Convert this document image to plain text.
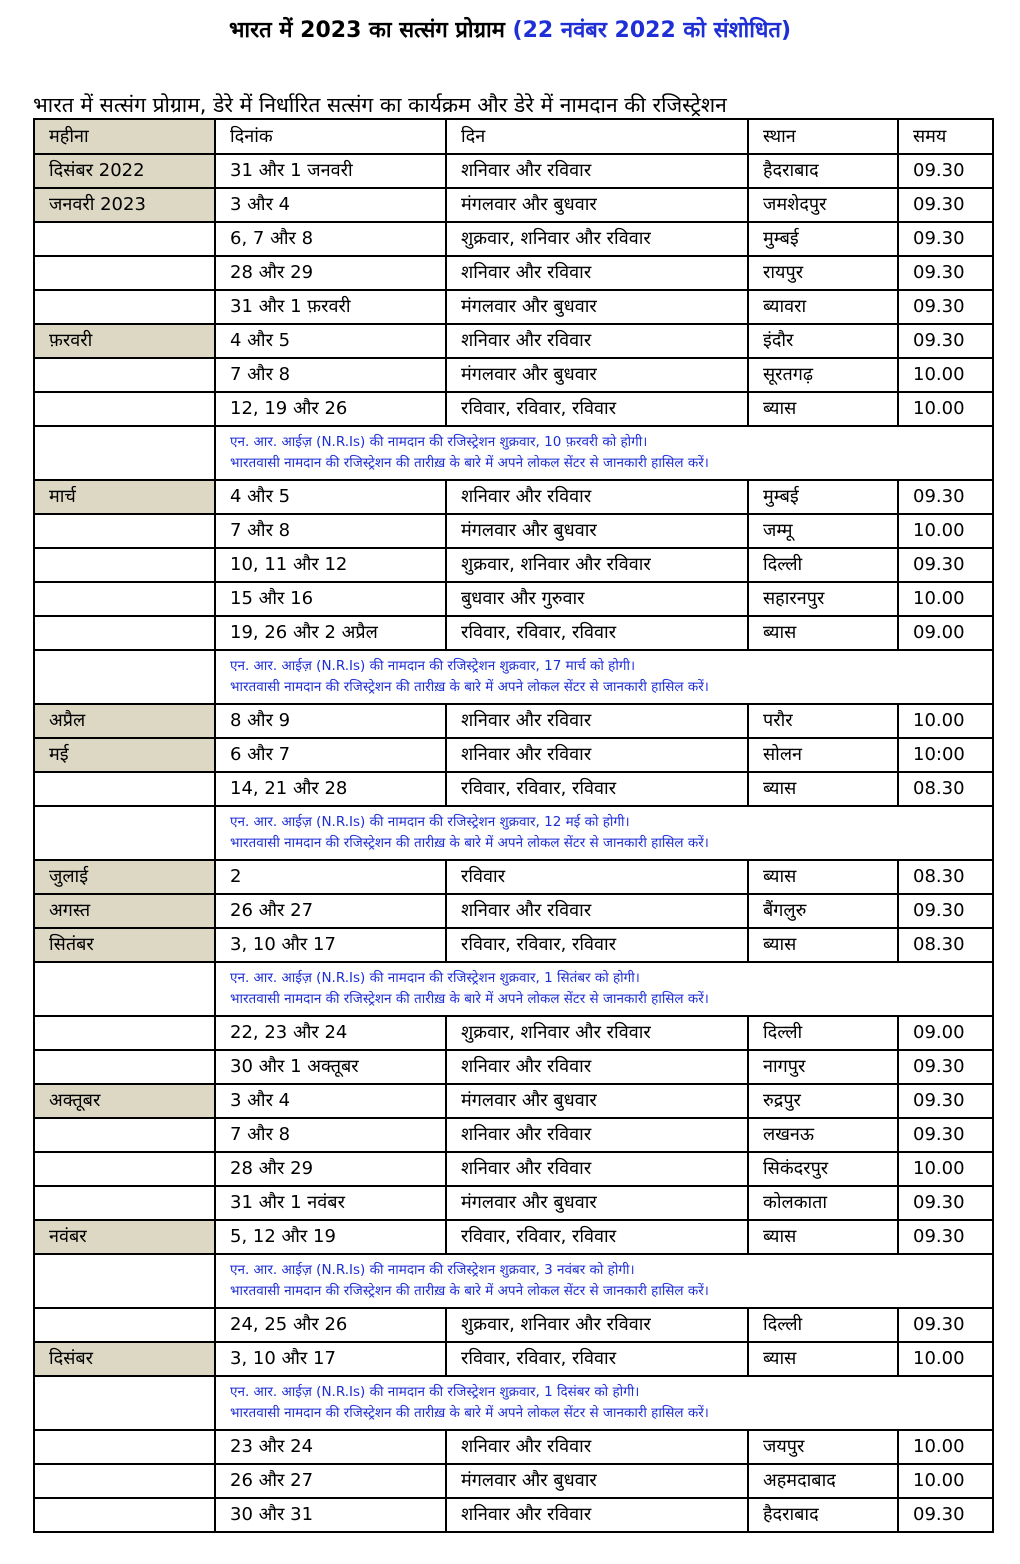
भारत में 2023 का सत्संग प्रोग्राम (22 नवंबर 2022 को संशोधित)
भारत में सत्संग प्रोग्राम, डेरे में निर्धारित सत्संग का कार्यक्रम और डेरे में नामदान की रजिस्ट्रेशन
महीना	दिनांक	दिन	स्थान	समय
दिसंबर 2022	31 और 1 जनवरी	शनिवार और रविवार	हैदराबाद	09.30
जनवरी 2023	3 और 4	मंगलवार और बुधवार	जमशेदपुर	09.30
	6, 7 और 8	शुक्रवार, शनिवार और रविवार	मुम्बई	09.30
	28 और 29	शनिवार और रविवार	रायपुर	09.30
	31 और 1 फ़रवरी	मंगलवार और बुधवार	ब्यावरा	09.30
फ़रवरी	4 और 5	शनिवार और रविवार	इंदौर	09.30
	7 और 8	मंगलवार और बुधवार	सूरतगढ़	10.00
	12, 19 और 26	रविवार, रविवार, रविवार	ब्यास	10.00

	एन. आर. आईज़ (N.R.Is) की नामदान की रजिस्ट्रेशन शुक्रवार, 10 फ़रवरी को होगी।
भारतवासी नामदान की रजिस्ट्रेशन की तारीख़ के बारे में अपने लोकल सेंटर से जानकारी हासिल करें।			

मार्च	4 और 5	शनिवार और रविवार	मुम्बई	09.30
	7 और 8	मंगलवार और बुधवार	जम्मू	10.00
	10, 11 और 12	शुक्रवार, शनिवार और रविवार	दिल्ली	09.30
	15 और 16	बुधवार और गुरुवार	सहारनपुर	10.00
	19, 26 और 2 अप्रैल	रविवार, रविवार, रविवार	ब्यास	09.00

	एन. आर. आईज़ (N.R.Is) की नामदान की रजिस्ट्रेशन शुक्रवार, 17 मार्च को होगी।
भारतवासी नामदान की रजिस्ट्रेशन की तारीख़ के बारे में अपने लोकल सेंटर से जानकारी हासिल करें।			

अप्रैल	8 और 9	शनिवार और रविवार	परौर	10.00
मई	6 और 7	शनिवार और रविवार	सोलन	10:00
	14, 21 और 28	रविवार, रविवार, रविवार	ब्यास	08.30

	एन. आर. आईज़ (N.R.Is) की नामदान की रजिस्ट्रेशन शुक्रवार, 12 मई को होगी।
भारतवासी नामदान की रजिस्ट्रेशन की तारीख़ के बारे में अपने लोकल सेंटर से जानकारी हासिल करें।			

जुलाई	2	रविवार	ब्यास	08.30
अगस्त	26 और 27	शनिवार और रविवार	बैंगलुरु	09.30
सितंबर	3, 10 और 17	रविवार, रविवार, रविवार	ब्यास	08.30

	एन. आर. आईज़ (N.R.Is) की नामदान की रजिस्ट्रेशन शुक्रवार, 1 सितंबर को होगी।
भारतवासी नामदान की रजिस्ट्रेशन की तारीख़ के बारे में अपने लोकल सेंटर से जानकारी हासिल करें।			

	22, 23 और 24	शुक्रवार, शनिवार और रविवार	दिल्ली	09.00
	30 और 1 अक्तूबर	शनिवार और रविवार	नागपुर	09.30
अक्तूबर	3 और 4	मंगलवार और बुधवार	रुद्रपुर	09.30
	7 और 8	शनिवार और रविवार	लखनऊ	09.30
	28 और 29	शनिवार और रविवार	सिकंदरपुर	10.00
	31 और 1 नवंबर	मंगलवार और बुधवार	कोलकाता	09.30
नवंबर	5, 12 और 19	रविवार, रविवार, रविवार	ब्यास	09.30

	एन. आर. आईज़ (N.R.Is) की नामदान की रजिस्ट्रेशन शुक्रवार, 3 नवंबर को होगी।
भारतवासी नामदान की रजिस्ट्रेशन की तारीख़ के बारे में अपने लोकल सेंटर से जानकारी हासिल करें।			

	24, 25 और 26	शुक्रवार, शनिवार और रविवार	दिल्ली	09.30
दिसंबर	3, 10 और 17	रविवार, रविवार, रविवार	ब्यास	10.00

	एन. आर. आईज़ (N.R.Is) की नामदान की रजिस्ट्रेशन शुक्रवार, 1 दिसंबर को होगी।
भारतवासी नामदान की रजिस्ट्रेशन की तारीख़ के बारे में अपने लोकल सेंटर से जानकारी हासिल करें।			

	23 और 24	शनिवार और रविवार	जयपुर	10.00
	26 और 27	मंगलवार और बुधवार	अहमदाबाद	10.00
	30 और 31	शनिवार और रविवार	हैदराबाद	09.30
